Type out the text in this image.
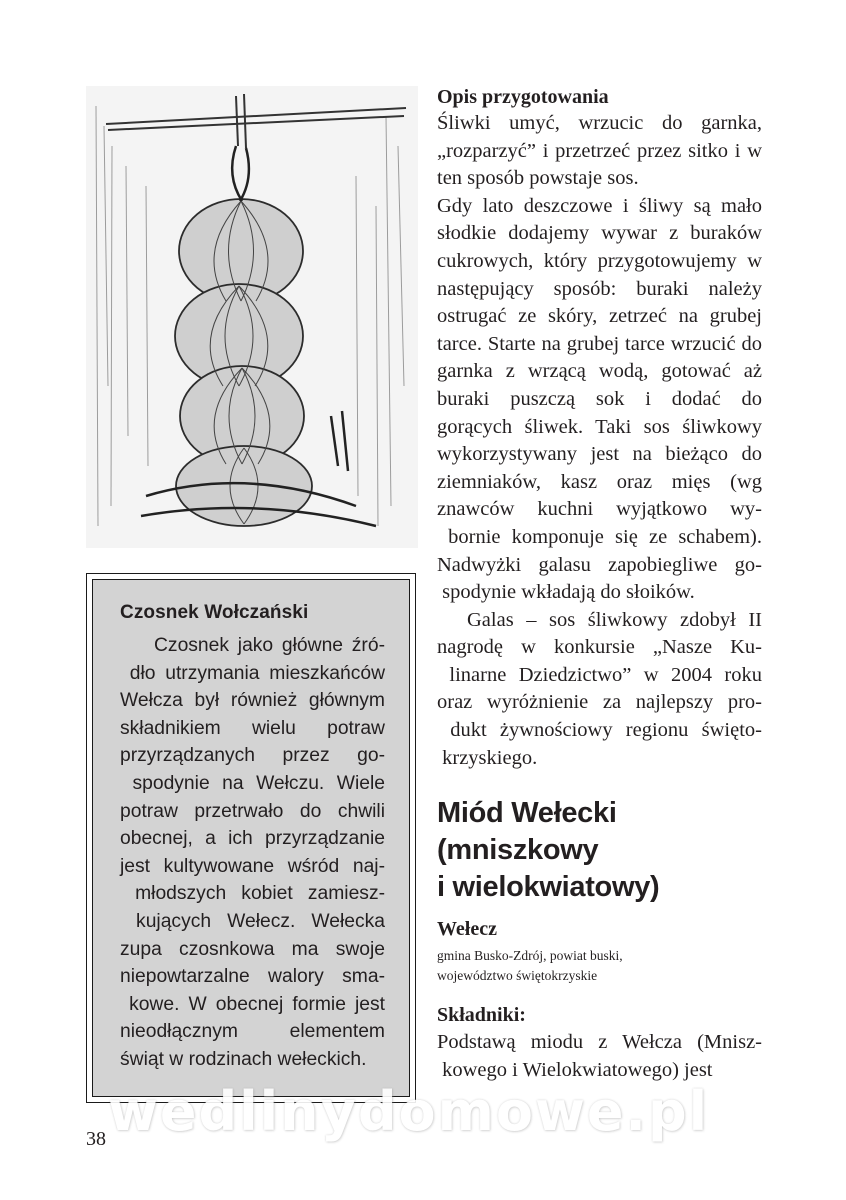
Czosnek Wołczański

Czosnek jako główne źró- dło utrzymania mieszkańców Wełcza był również głównym składnikiem wielu potraw przyrządzanych przez go- spodynie na Wełczu. Wiele potraw przetrwało do chwili obecnej, a ich przyrządzanie jest kultywowane wśród naj- młodszych kobiet zamiesz- kujących Wełecz. Wełecka zupa czosnkowa ma swoje niepowtarzalne walory sma- kowe. W obecnej formie jest nieodłącznym elementem świąt w rodzinach wełeckich.

Opis przygotowania

Śliwki umyć, wrzucic do garnka, „rozparzyć” i przetrzeć przez sitko i w ten sposób powstaje sos.

Gdy lato deszczowe i śliwy są mało słodkie dodajemy wywar z buraków cukrowych, który przygotowujemy w następujący sposób: buraki należy ostrugać ze skóry, zetrzeć na grubej tarce. Starte na grubej tarce wrzucić do garnka z wrzącą wodą, gotować aż buraki puszczą sok i dodać do gorących śliwek. Taki sos śliwkowy wykorzystywany jest na bieżąco do ziemniaków, kasz oraz mięs (wg znawców kuchni wyjątkowo wy- bornie komponuje się ze schabem). Nadwyżki galasu zapobiegliwe go- spodynie wkładają do słoików.

Galas – sos śliwkowy zdobył II nagrodę w konkursie „Nasze Ku- linarne Dziedzictwo” w 2004 roku oraz wyróżnienie za najlepszy pro- dukt żywnościowy regionu święto- krzyskiego.

Miód Wełecki
(mniszkowy
i wielokwiatowy)

Wełecz

gmina Busko-Zdrój, powiat buski,

województwo świętokrzyskie

Składniki:

Podstawą miodu z Wełcza (Mnisz- kowego i Wielokwiatowego) jest

wedlinydomowe.pl
38
